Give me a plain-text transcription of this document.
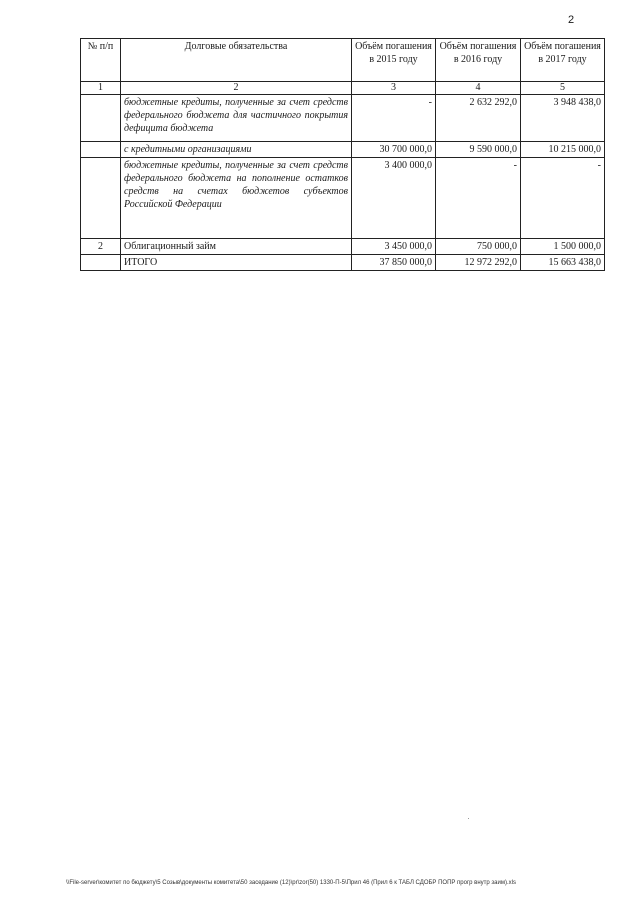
2
№ п/п	Долговые обязательства	Объём погашения в 2015 году	Объём погашения в 2016 году	Объём погашения в 2017 году
1	2	3	4	5
	бюджетные кредиты, полученные за счет средств федерального бюджета для частичного покрытия дефицита бюджета	-	2 632 292,0	3 948 438,0
	с кредитными организациями	30 700 000,0	9 590 000,0	10 215 000,0
	бюджетные кредиты, полученные за счет средств федерального бюджета на пополнение остатков средств на счетах бюджетов субъектов Российской Федерации	3 400 000,0	-	-
2	Облигационный займ	3 450 000,0	750 000,0	1 500 000,0
	ИТОГО	37 850 000,0	12 972 292,0	15 663 438,0
\\File-server\комитет по бюджету\5 Созыв\документы комитета\50 заседание (12)\pr\zor(50) 1330-П-5\Прил 46 (Прил 6 к ТАБЛ СДОБР ПОПР прогр внутр заим).xls
